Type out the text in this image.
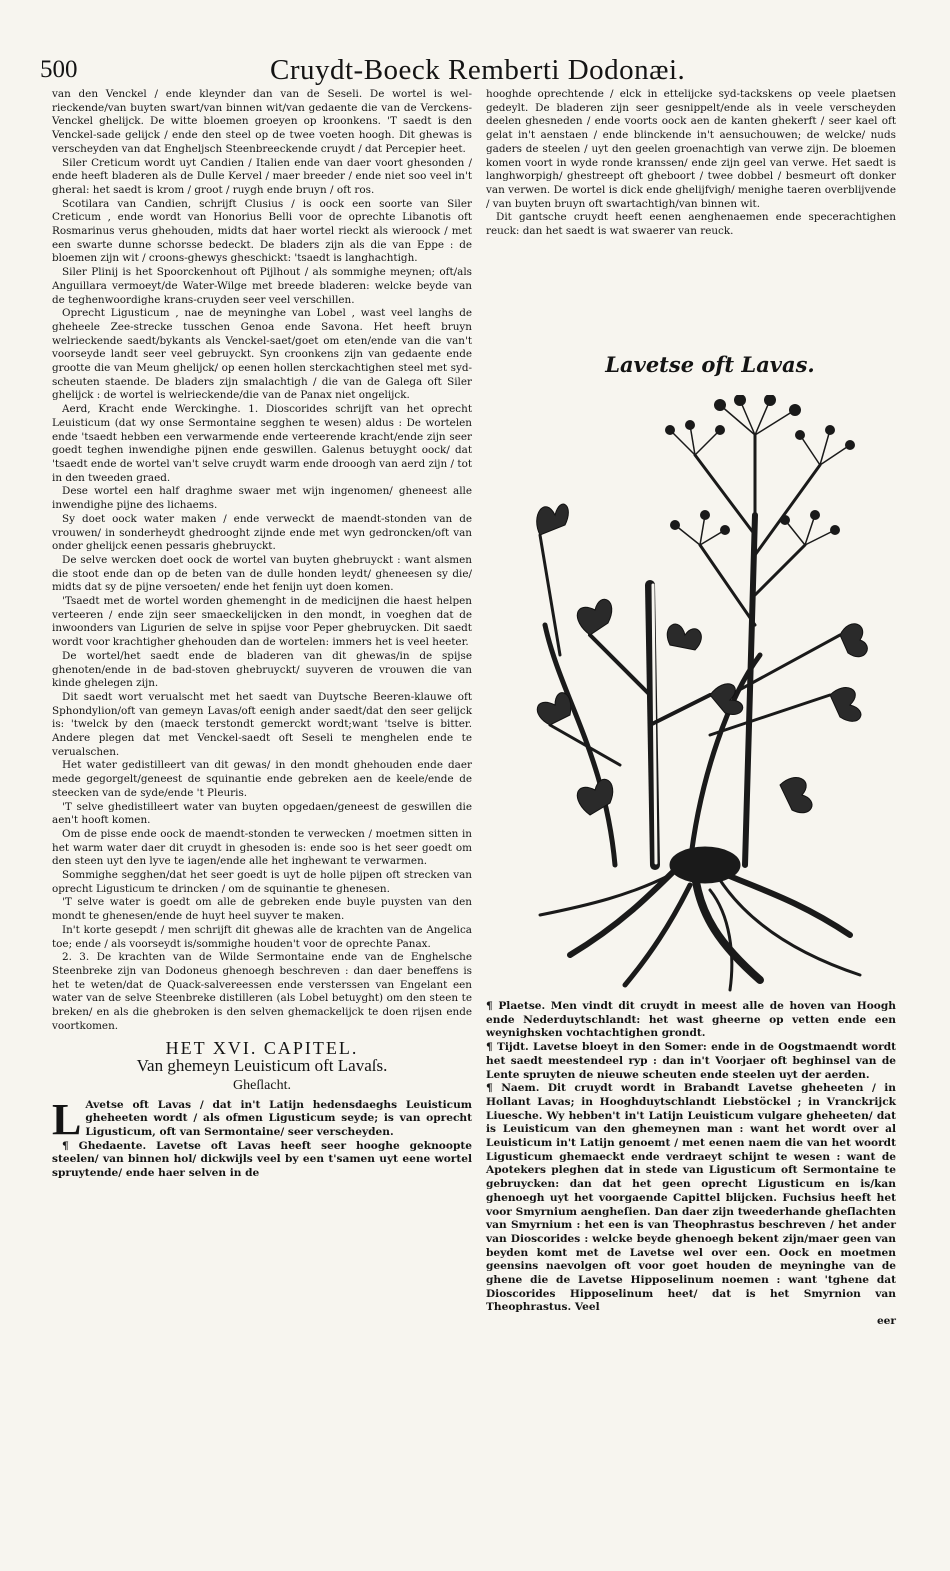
500	Cruydt-Boeck Remberti Dodonæi.

van den Venckel / ende kleynder dan van de Seseli. De wortel is wel-rieckende/van buyten swart/van binnen wit/van gedaente die van de Verckens-Venckel ghelijck. De witte bloemen groeyen op kroonkens. 'T saedt is den Venckel-sade gelijck / ende den steel op de twee voeten hoogh. Dit ghewas is verscheyden van dat Engheljsch Steenbreeckende cruydt / dat Percepier heet.

Siler Creticum wordt uyt Candien / Italien ende van daer voort ghesonden / ende heeft bladeren als de Dulle Kervel / maer breeder / ende niet soo veel in't gheral: het saedt is krom / groot / ruygh ende bruyn / oft ros.

Scotilara van Candien, schrijft Clusius / is oock een soorte van Siler Creticum , ende wordt van Honorius Belli voor de oprechte Libanotis oft Rosmarinus verus ghehouden, midts dat haer wortel rieckt als wieroock / met een swarte dunne schorsse bedeckt. De bladers zijn als die van Eppe : de bloemen zijn wit / croons-ghewys gheschickt: 'tsaedt is langhachtigh.

Siler Plinij is het Spoorckenhout oft Pijlhout / als sommighe meynen; oft/als Anguillara vermoeyt/de Water-Wilge met breede bladeren: welcke beyde van de teghenwoordighe krans-cruyden seer veel verschillen.

Oprecht Ligusticum , nae de meyninghe van Lobel , wast veel langhs de gheheele Zee-strecke tusschen Genoa ende Savona. Het heeft bruyn welrieckende saedt/bykants als Venckel-saet/goet om eten/ende van die van't voorseyde landt seer veel gebruyckt. Syn croonkens zijn van gedaente ende grootte die van Meum ghelijck/ op eenen hollen sterckachtighen steel met syd-scheuten staende. De bladers zijn smalachtigh / die van de Galega oft Siler ghelijck : de wortel is welrieckende/die van de Panax niet ongelijck.

Aerd, Kracht ende Werckinghe. 1. Dioscorides schrijft van het oprecht Leuisticum (dat wy onse Sermontaine segghen te wesen) aldus : De wortelen ende 'tsaedt hebben een verwarmende ende verteerende kracht/ende zijn seer goedt teghen inwendighe pijnen ende geswillen. Galenus betuyght oock/ dat 'tsaedt ende de wortel van't selve cruydt warm ende drooogh van aerd zijn / tot in den tweeden graed.

Dese wortel een half draghme swaer met wijn ingenomen/ gheneest alle inwendighe pijne des lichaems.

Sy doet oock water maken / ende verweckt de maendt-stonden van de vrouwen/ in sonderheydt ghedrooght zijnde ende met wyn gedroncken/oft van onder ghelijck eenen pessaris ghebruyckt.

De selve wercken doet oock de wortel van buyten ghebruyckt : want alsmen die stoot ende dan op de beten van de dulle honden leydt/ gheneesen sy die/ midts dat sy de pijne versoeten/ ende het fenijn uyt doen komen.

'Tsaedt met de wortel worden ghemenght in de medicijnen die haest helpen verteeren / ende zijn seer smaeckelijcken in den mondt, in voeghen dat de inwoonders van Ligurien de selve in spijse voor Peper ghebruycken. Dit saedt wordt voor krachtigher ghehouden dan de wortelen: immers het is veel heeter.

De wortel/het saedt ende de bladeren van dit ghewas/in de spijse ghenoten/ende in de bad-stoven ghebruyckt/ suyveren de vrouwen die van kinde ghelegen zijn.

Dit saedt wort verualscht met het saedt van Duytsche Beeren-klauwe oft Sphondylion/oft van gemeyn Lavas/oft eenigh ander saedt/dat den seer gelijck is: 'twelck by den (maeck terstondt gemerckt wordt;want 'tselve is bitter. Andere plegen dat met Venckel-saedt oft Seseli te menghelen ende te verualschen.

Het water gedistilleert van dit gewas/ in den mondt ghehouden ende daer mede gegorgelt/geneest de squinantie ende gebreken aen de keele/ende de steecken van de syde/ende 't Pleuris.

'T selve ghedistilleert water van buyten opgedaen/geneest de geswillen die aen't hooft komen.

Om de pisse ende oock de maendt-stonden te verwecken / moetmen sitten in het warm water daer dit cruydt in ghesoden is: ende soo is het seer goedt om den steen uyt den lyve te iagen/ende alle het inghewant te verwarmen.

Sommighe segghen/dat het seer goedt is uyt de holle pijpen oft strecken van oprecht Ligusticum te drincken / om de squinantie te ghenesen.

'T selve water is goedt om alle de gebreken ende buyle puysten van den mondt te ghenesen/ende de huyt heel suyver te maken.

In't korte gesepdt / men schrijft dit ghewas alle de krachten van de Angelica toe; ende / als voorseydt is/sommighe houden't voor de oprechte Panax.

2. 3. De krachten van de Wilde Sermontaine ende van de Enghelsche Steenbreke zijn van Dodoneus ghenoegh beschreven : dan daer beneffens is het te weten/dat de Quack-salvereessen ende versterssen van Engelant een water van de selve Steenbreke distilleren (als Lobel betuyght) om den steen te breken/ en als die ghebroken is den selven ghemackelijck te doen rijsen ende voortkomen.

HET XVI. CAPITEL.
Van ghemeyn Leuisticum oft Lavaſs.
Gheſlacht.

L Avetse oft Lavas / dat in't Latijn hedensdaeghs Leuisticum gheheeten wordt / als ofmen Ligusticum seyde; is van oprecht Ligusticum, oft van Sermontaine/ seer verscheyden.

¶ Ghedaente. Lavetse oft Lavas heeft seer hooghe geknoopte steelen/ van binnen hol/ dickwijls veel by een t'samen uyt eene wortel spruytende/ ende haer selven in de

hooghde oprechtende / elck in ettelijcke syd-tackskens op veele plaetsen gedeylt. De bladeren zijn seer gesnippelt/ende als in veele verscheyden deelen ghesneden / ende voorts oock aen de kanten ghekerft / seer kael oft gelat in't aenstaen / ende blinckende in't aensuchouwen; de welcke/ nuds gaders de steelen / uyt den geelen groenachtigh van verwe zijn. De bloemen komen voort in wyde ronde kranssen/ ende zijn geel van verwe. Het saedt is langhworpigh/ ghestreept oft gheboort / twee dobbel / besmeurt oft donker van verwen. De wortel is dick ende ghelijfvigh/ menighe taeren overblijvende / van buyten bruyn oft swartachtigh/van binnen wit.

Dit gantsche cruydt heeft eenen aenghenaemen ende specerachtighen reuck: dan het saedt is wat swaerer van reuck.

Lavetse oft Lavas.

¶ Plaetse. Men vindt dit cruydt in meest alle de hoven van Hoogh ende Nederduytschlandt: het wast gheerne op vetten ende een weynighsken vochtachtighen grondt.

¶ Tijdt. Lavetse bloeyt in den Somer: ende in de Oogstmaendt wordt het saedt meestendeel ryp : dan in't Voorjaer oft beghinsel van de Lente spruyten de nieuwe scheuten ende steelen uyt der aerden.

¶ Naem. Dit cruydt wordt in Brabandt Lavetse gheheeten / in Hollant Lavas; in Hooghduytschlandt Liebstöckel ; in Vranckrijck Liuesche. Wy hebben't in't Latijn Leuisticum vulgare gheheeten/ dat is Leuisticum van den ghemeynen man : want het wordt over al Leuisticum in't Latijn genoemt / met eenen naem die van het woordt Ligusticum ghemaeckt ende verdraeyt schijnt te wesen : want de Apotekers pleghen dat in stede van Ligusticum oft Sermontaine te gebruycken: dan dat het geen oprecht Ligusticum en is/kan ghenoegh uyt het voorgaende Capittel blijcken. Fuchsius heeft het voor Smyrnium aengheſien. Dan daer zijn tweederhande gheſlachten van Smyrnium : het een is van Theophrastus beschreven / het ander van Dioscorides : welcke beyde ghenoegh bekent zijn/maer geen van beyden komt met de Lavetse wel over een. Oock en moetmen geensins naevolgen oft voor goet houden de meyninghe van de ghene die de Lavetse Hipposelinum noemen : want 'tghene dat Dioscorides Hipposelinum heet/ dat is het Smyrnion van Theophrastus. Veel

eer
